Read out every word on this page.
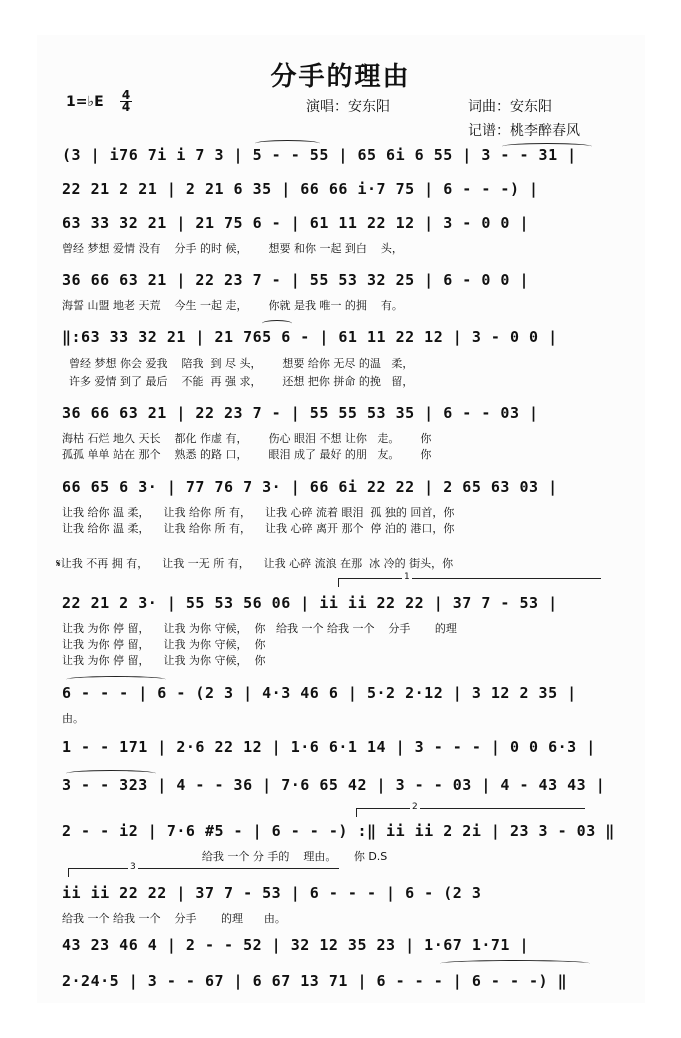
分手的理由
1=♭E 4
4	演唱：安东阳	词曲：安东阳
记谱：桃李醉春风
1
2
3
(3 | i76 7i i 7 3 | 5 - - 55 | 65 6i 6 55 | 3 - - 31 |
22 21 2 21 | 2 21 6 35 | 66 66 i·7 75 | 6 - - -) |
63 33 32 21 | 21 75 6 - | 61 11 22 12 | 3 - 0 0 |
曾经 梦想 爱情 没有    分手 的时 候，      想要 和你 一起 到白    头，
36 66 63 21 | 22 23 7 - | 55 53 32 25 | 6 - 0 0 |
海誓 山盟 地老 天荒    今生 一起 走，      你就 是我 唯一 的拥    有。
‖:63 33 32 21 | 21 765 6 - | 61 11 22 12 | 3 - 0 0 |
曾经 梦想 你会 爱我    陪我  到 尽 头，      想要 给你 无尽 的温   柔，
许多 爱情 到了 最后    不能  再 强 求，      还想 把你 拼命 的挽   留，
36 66 63 21 | 22 23 7 - | 55 55 53 35 | 6 - - 03 |
海枯 石烂 地久 天长    都化 作虚 有，      伤心 眼泪 不想 让你   走。      你
孤孤 单单 站在 那个    熟悉 的路 口，      眼泪 成了 最好 的朋   友。      你
66 65 6 3· | 77 76 7 3· | 66 6i 22 22 | 2 65 63 03 |
让我 给你 温 柔，    让我 给你 所 有，    让我 心碎 流着 眼泪  孤 独的 回首，你
让我 给你 温 柔，    让我 给你 所 有，    让我 心碎 离开 那个  停 泊的 港口，你
𝄋让我 不再 拥 有，    让我 一无 所 有，    让我 心碎 流浪 在那  冰 冷的 街头，你
22 21 2 3· | 55 53 56 06 | ii ii 22 22 | 37 7 - 53 |
让我 为你 停 留，    让我 为你 守候，  你   给我 一个 给我 一个    分手       的理
让我 为你 停 留，    让我 为你 守候，  你
让我 为你 停 留，    让我 为你 守候，  你
6 - - - | 6 - (2 3 | 4·3 46 6 | 5·2 2·12 | 3 12 2 35 |
由。
1 - - 171 | 2·6 22 12 | 1·6 6·1 14 | 3 - - - | 0 0 6·3 |
3 - - 323 | 4 - - 36 | 7·6 65 42 | 3 - - 03 | 4 - 43 43 |
2 - - i2 | 7·6 #5 - | 6 - - -) :‖ ii ii 2 2i | 23 3 - 03 ‖
给我 一个 分 手的    理由。     你 D.S
ii ii 22 22 | 37 7 - 53 | 6 - - - | 6 - (2 3
给我 一个 给我 一个    分手       的理      由。
43 23 46 4 | 2 - - 52 | 32 12 35 23 | 1·67 1·71 |
2·24·5 | 3 - - 67 | 6 67 13 71 | 6 - - - | 6 - - -) ‖
